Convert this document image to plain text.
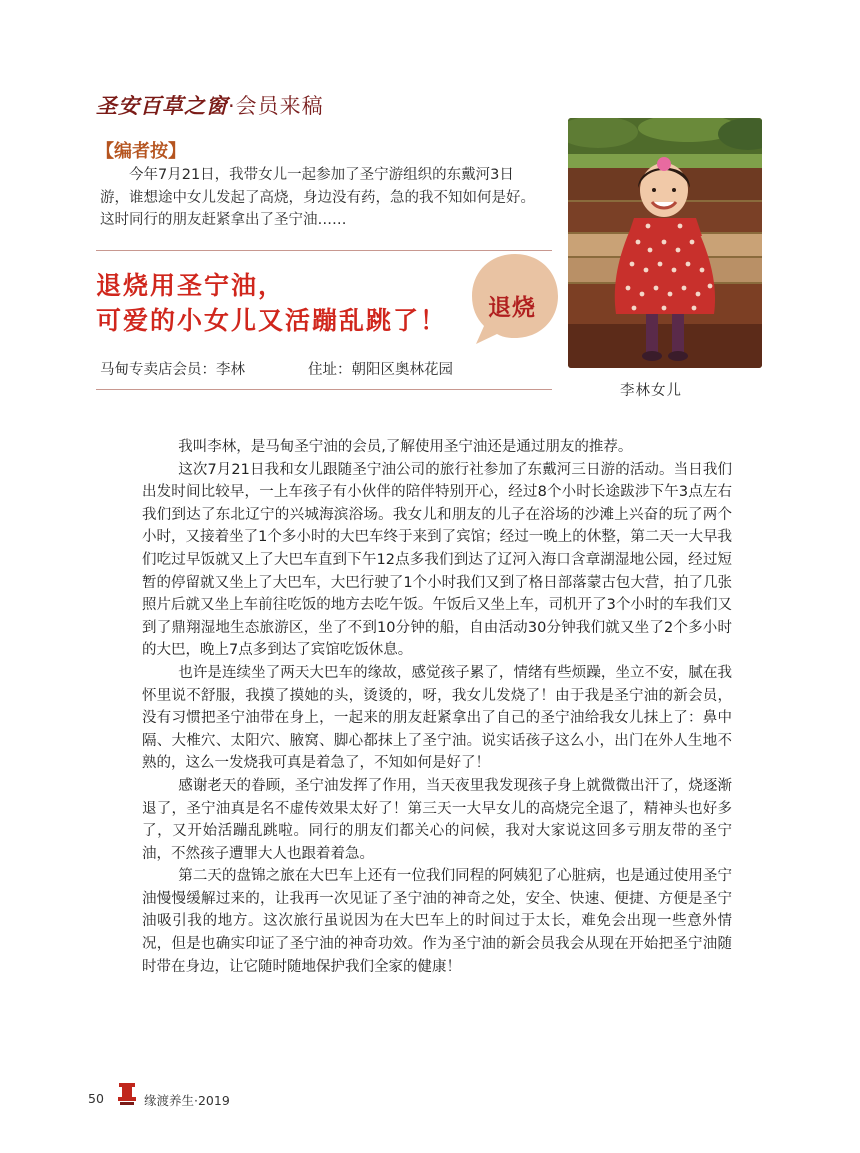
圣安百草之窗·会员来稿
【编者按】
今年7月21日，我带女儿一起参加了圣宁游组织的东戴河3日游，谁想途中女儿发起了高烧，身边没有药，急的我不知如何是好。这时同行的朋友赶紧拿出了圣宁油……
退烧用圣宁油，
可爱的小女儿又活蹦乱跳了！ 退烧
马甸专卖店会员：李林	住址：朝阳区奥林花园
李林女儿

我叫李林，是马甸圣宁油的会员,了解使用圣宁油还是通过朋友的推荐。

这次7月21日我和女儿跟随圣宁油公司的旅行社参加了东戴河三日游的活动。当日我们出发时间比较早，一上车孩子有小伙伴的陪伴特别开心，经过8个小时长途跋涉下午3点左右我们到达了东北辽宁的兴城海滨浴场。我女儿和朋友的儿子在浴场的沙滩上兴奋的玩了两个小时，又接着坐了1个多小时的大巴车终于来到了宾馆；经过一晚上的休整，第二天一大早我们吃过早饭就又上了大巴车直到下午12点多我们到达了辽河入海口含章湖湿地公园，经过短暂的停留就又坐上了大巴车，大巴行驶了1个小时我们又到了格日部落蒙古包大营，拍了几张照片后就又坐上车前往吃饭的地方去吃午饭。午饭后又坐上车，司机开了3个小时的车我们又到了鼎翔湿地生态旅游区，坐了不到10分钟的船，自由活动30分钟我们就又坐了2个多小时的大巴，晚上7点多到达了宾馆吃饭休息。

也许是连续坐了两天大巴车的缘故，感觉孩子累了，情绪有些烦躁，坐立不安，腻在我怀里说不舒服，我摸了摸她的头，烫烫的，呀，我女儿发烧了！由于我是圣宁油的新会员，没有习惯把圣宁油带在身上，一起来的朋友赶紧拿出了自己的圣宁油给我女儿抹上了：鼻中隔、大椎穴、太阳穴、腋窝、脚心都抹上了圣宁油。说实话孩子这么小，出门在外人生地不熟的，这么一发烧我可真是着急了，不知如何是好了！

感谢老天的眷顾，圣宁油发挥了作用，当天夜里我发现孩子身上就微微出汗了，烧逐渐退了，圣宁油真是名不虚传效果太好了！第三天一大早女儿的高烧完全退了，精神头也好多了，又开始活蹦乱跳啦。同行的朋友们都关心的问候，我对大家说这回多亏朋友带的圣宁油，不然孩子遭罪大人也跟着着急。

第二天的盘锦之旅在大巴车上还有一位我们同程的阿姨犯了心脏病，也是通过使用圣宁油慢慢缓解过来的，让我再一次见证了圣宁油的神奇之处，安全、快速、便捷、方便是圣宁油吸引我的地方。这次旅行虽说因为在大巴车上的时间过于太长，难免会出现一些意外情况，但是也确实印证了圣宁油的神奇功效。作为圣宁油的新会员我会从现在开始把圣宁油随时带在身边，让它随时随地保护我们全家的健康！

50	缘渡养生·2019
